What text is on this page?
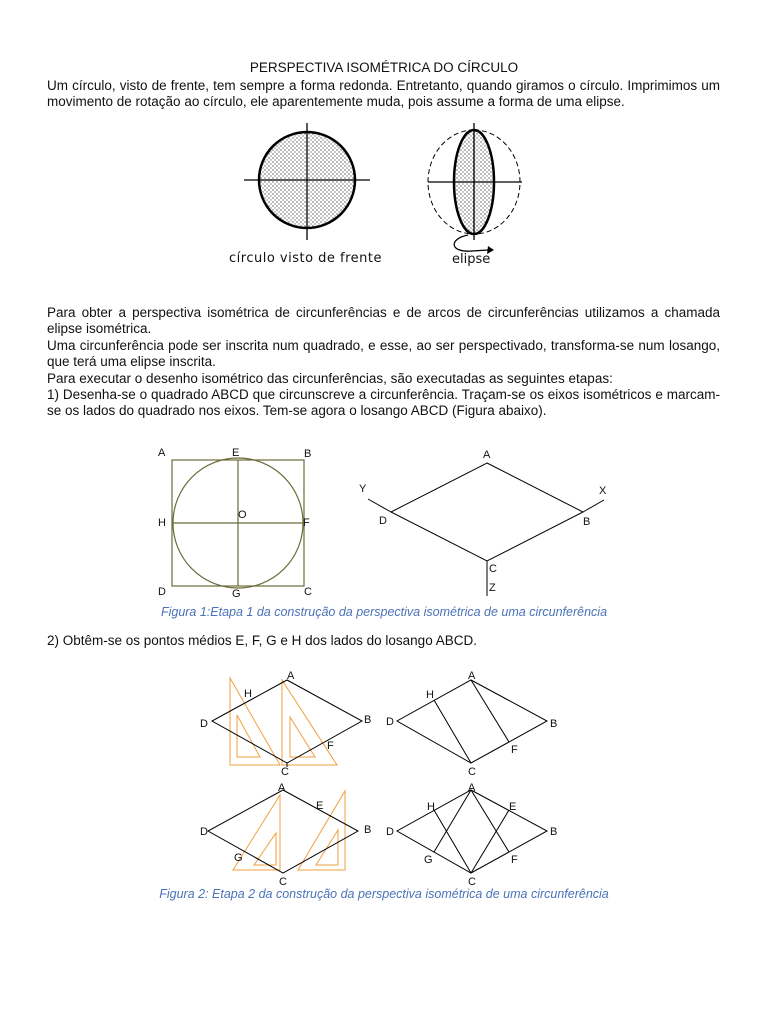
PERSPECTIVA ISOMÉTRICA DO CÍRCULO
Um círculo, visto de frente, tem sempre a forma redonda. Entretanto, quando giramos o círculo. Imprimimos um movimento de rotação ao círculo, ele aparentemente muda, pois assume a forma de uma elipse.
círculo visto de frente	elipse
Para obter a perspectiva isométrica de circunferências e de arcos de circunferências utilizamos a chamada elipse isométrica.
Uma circunferência pode ser inscrita num quadrado, e esse, ao ser perspectivado, transforma-se num losango, que terá uma elipse inscrita.
Para executar o desenho isométrico das circunferências, são executadas as seguintes etapas:
1) Desenha-se o quadrado ABCD que circunscreve a circunferência. Traçam-se os eixos isométricos e marcam-se os lados do quadrado nos eixos. Tem-se agora o losango ABCD (Figura abaixo).
A	E	B
H
O
F
D	G	C
A
Y	X
D	B
C
Z
Figura 1:Etapa 1 da construção da perspectiva isométrica de uma circunferência
2) Obtêm-se os pontos médios E, F, G e H dos lados do losango ABCD.
A
H
B
D
F
C
A
H
B
D
F
C
A
E
B
D
G
C
A
H	E
B
D
G	F
C
Figura 2: Etapa 2 da construção da perspectiva isométrica de uma circunferência
